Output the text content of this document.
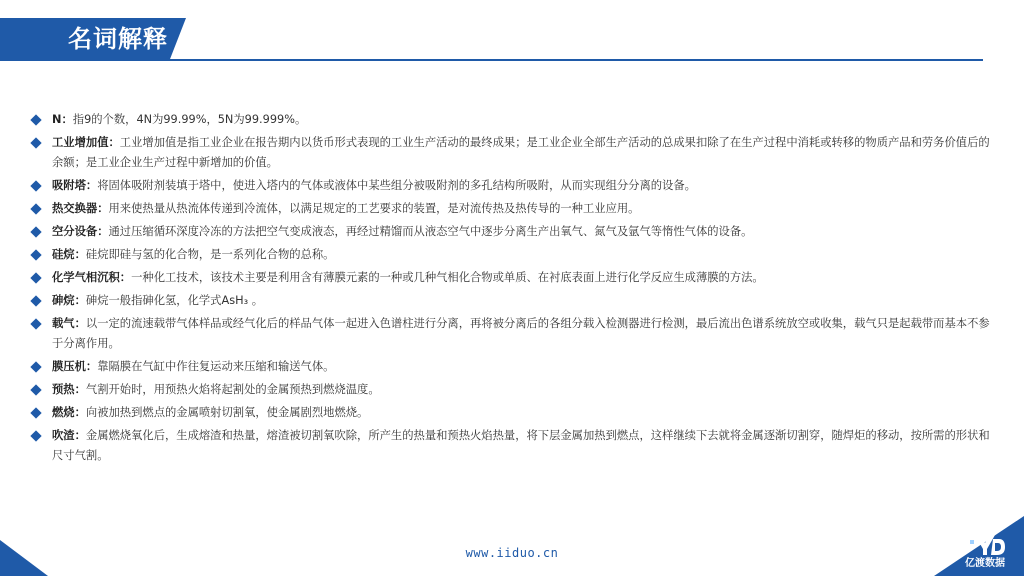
名词解释
N：指9的个数，4N为99.99%，5N为99.999%。
工业增加值：工业增加值是指工业企业在报告期内以货币形式表现的工业生产活动的最终成果；是工业企业全部生产活动的总成果扣除了在生产过程中消耗或转移的物质产品和劳务价值后的余额；是工业企业生产过程中新增加的价值。
吸附塔：将固体吸附剂装填于塔中，使进入塔内的气体或液体中某些组分被吸附剂的多孔结构所吸附，从而实现组分分离的设备。
热交换器：用来使热量从热流体传递到冷流体，以满足规定的工艺要求的装置，是对流传热及热传导的一种工业应用。
空分设备：通过压缩循环深度冷冻的方法把空气变成液态，再经过精馏而从液态空气中逐步分离生产出氧气、氮气及氩气等惰性气体的设备。
硅烷：硅烷即硅与氢的化合物，是一系列化合物的总称。
化学气相沉积：一种化工技术，该技术主要是利用含有薄膜元素的一种或几种气相化合物或单质、在衬底表面上进行化学反应生成薄膜的方法。
砷烷：砷烷一般指砷化氢，化学式AsH₃ 。
载气：以一定的流速载带气体样品或经气化后的样品气体一起进入色谱柱进行分离，再将被分离后的各组分载入检测器进行检测，最后流出色谱系统放空或收集，载气只是起载带而基本不参于分离作用。
膜压机：靠隔膜在气缸中作往复运动来压缩和输送气体。
预热：气割开始时，用预热火焰将起割处的金属预热到燃烧温度。
燃烧：向被加热到燃点的金属喷射切割氧，使金属剧烈地燃烧。
吹渣：金属燃烧氧化后，生成熔渣和热量，熔渣被切割氧吹除，所产生的热量和预热火焰热量，将下层金属加热到燃点，这样继续下去就将金属逐渐切割穿，随焊炬的移动，按所需的形状和尺寸气割。
www.iiduo.cn
亿渡数据
